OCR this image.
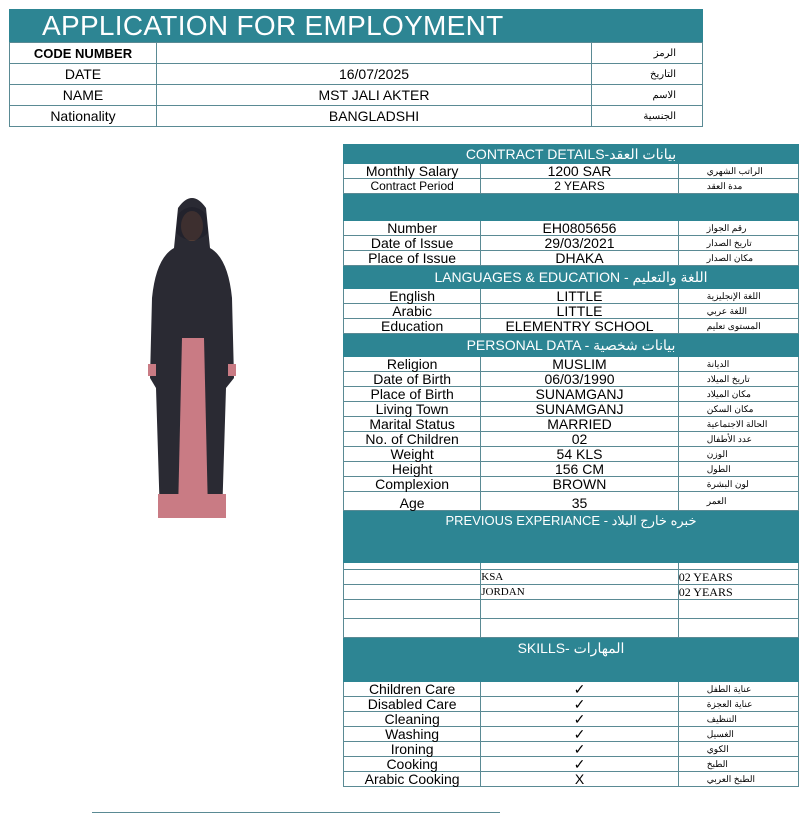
APPLICATION FOR EMPLOYMENT
CODE NUMBER		الرمز
DATE	16/07/2025	التاريخ
NAME	MST JALI AKTER	الاسم
Nationality	BANGLADSHI	الجنسية
CONTRACT DETAILS-بيانات العقد		
Monthly Salary	1200 SAR	الراتب الشهري
Contract Period	2 YEARS	مدة العقد

Number	EH0805656	رقم الجواز
Date of Issue	29/03/2021	تاريخ الصدار
Place of Issue	DHAKA	مكان الصدار
LANGUAGES & EDUCATION - اللغة والتعليم		
English	LITTLE	اللغة الإنجليزية
Arabic	LITTLE	اللغة عربي
Education	ELEMENTRY SCHOOL	المستوى تعليم
PERSONAL DATA - بيانات شخصية		
Religion	MUSLIM	الديانة
Date of Birth	06/03/1990	تاريخ الميلاد
Place of Birth	SUNAMGANJ	مكان الميلاد
Living Town	SUNAMGANJ	مكان السكن
Marital Status	MARRIED	الحالة الاجتماعية
No. of Children	02	عدد الأطفال
Weight	54 KLS	الوزن
Height	156 CM	الطول
Complexion	BROWN	لون البشرة
Age	35	العمر
PREVIOUS EXPERIANCE - خبره خارج البلاد		

	KSA	02 YEARS
	JORDAN	02 YEARS

SKILLS- المهارات		
Children Care	✓	عناية الطفل
Disabled Care	✓	عناية العجزة
Cleaning	✓	التنظيف
Washing	✓	الغسيل
Ironing	✓	الكوي
Cooking	✓	الطبخ
Arabic Cooking	X	الطبخ العربي
